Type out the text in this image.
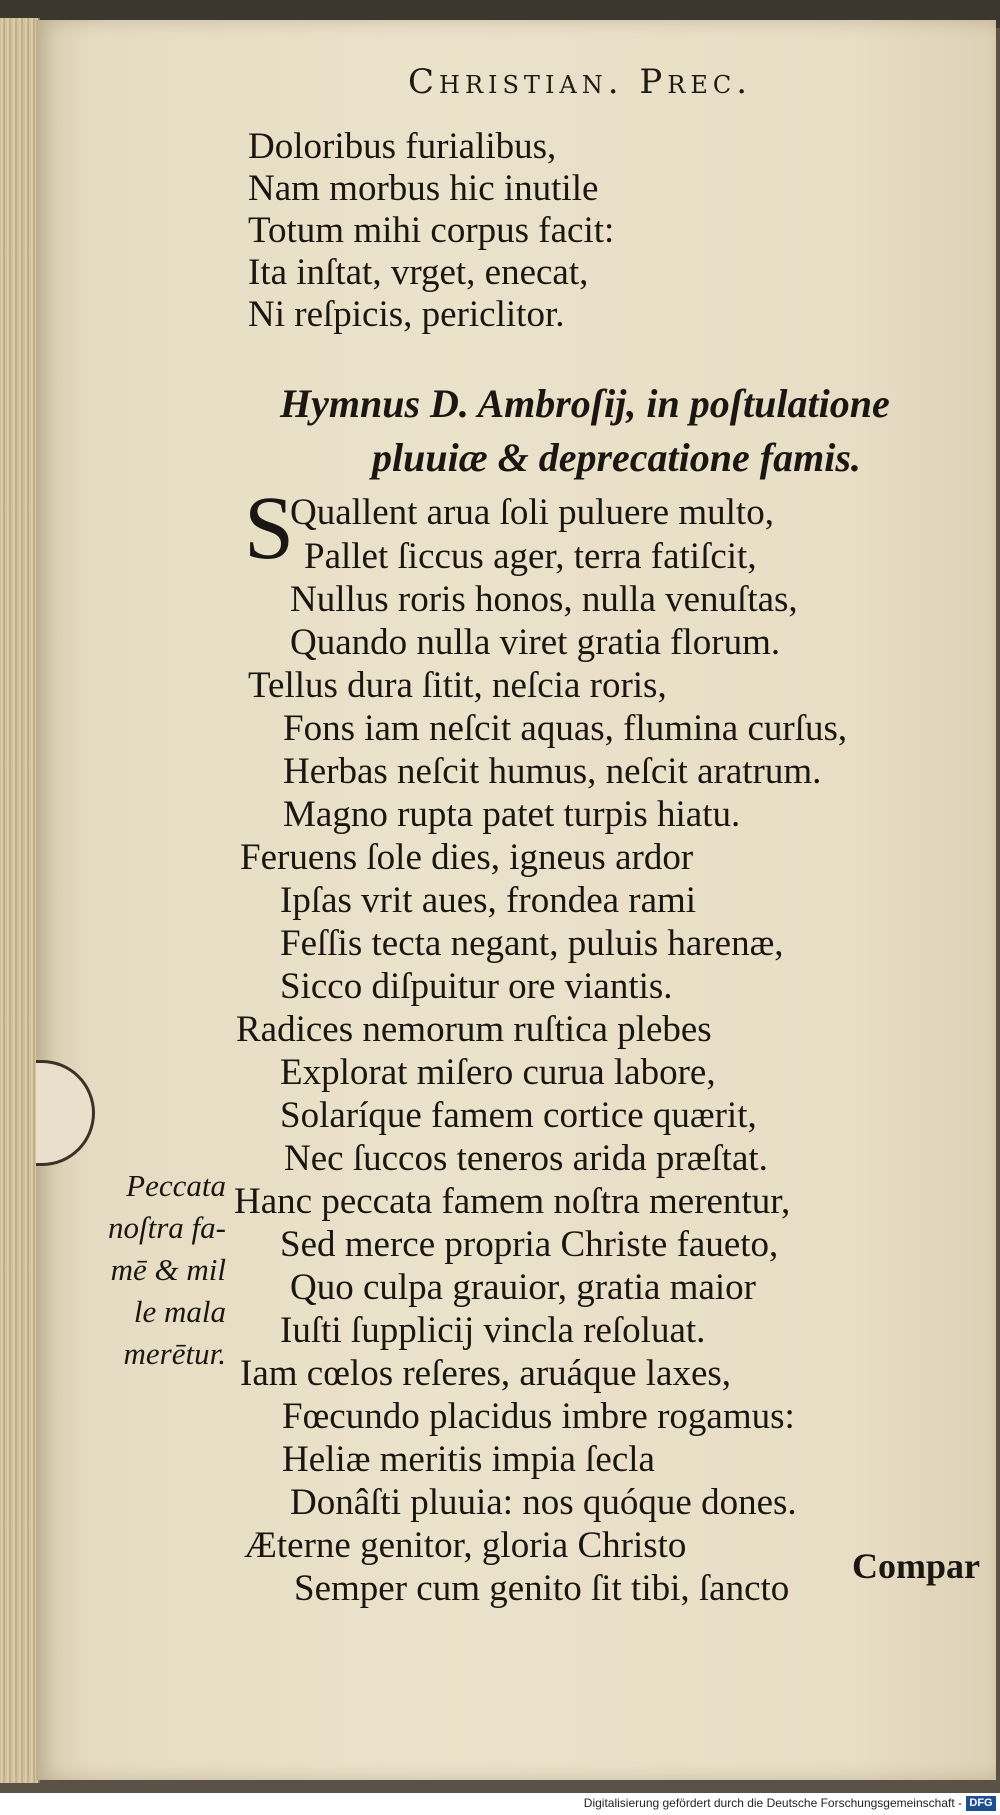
Christian. Prec.
Doloribus furialibus,
Nam morbus hic inutile
Totum mihi corpus facit:
Ita inſtat, vrget, enecat,
Ni reſpicis, periclitor.
Hymnus D. Ambroſij, in poſtulatione
pluuiæ & deprecatione famis.
S
Quallent arua ſoli puluere multo,
Pallet ſiccus ager, terra fatiſcit,
Nullus roris honos, nulla venuſtas,
Quando nulla viret gratia florum.
Tellus dura ſitit, neſcia roris,
Fons iam neſcit aquas, flumina curſus,
Herbas neſcit humus, neſcit aratrum.
Magno rupta patet turpis hiatu.
Feruens ſole dies, igneus ardor
Ipſas vrit aues, frondea rami
Feſſis tecta negant, puluis harenæ,
Sicco diſpuitur ore viantis.
Radices nemorum ruſtica plebes
Explorat miſero curua labore,
Solaríque famem cortice quærit,
Nec ſuccos teneros arida præſtat.
Hanc peccata famem noſtra merentur,
Sed merce propria Christe faueto,
Quo culpa grauior, gratia maior
Iuſti ſupplicij vincla reſoluat.
Iam cœlos reſeres, aruáque laxes,
Fœcundo placidus imbre rogamus:
Heliæ meritis impia ſecla
Donâſti pluuia: nos quóque dones.
Æterne genitor, gloria Christo
Semper cum genito ſit tibi, ſancto
Peccata
noſtra fa-
mē & mil
le mala
merētur.
Compar
Digitalisierung gefördert durch die Deutsche Forschungsgemeinschaft - DFG
